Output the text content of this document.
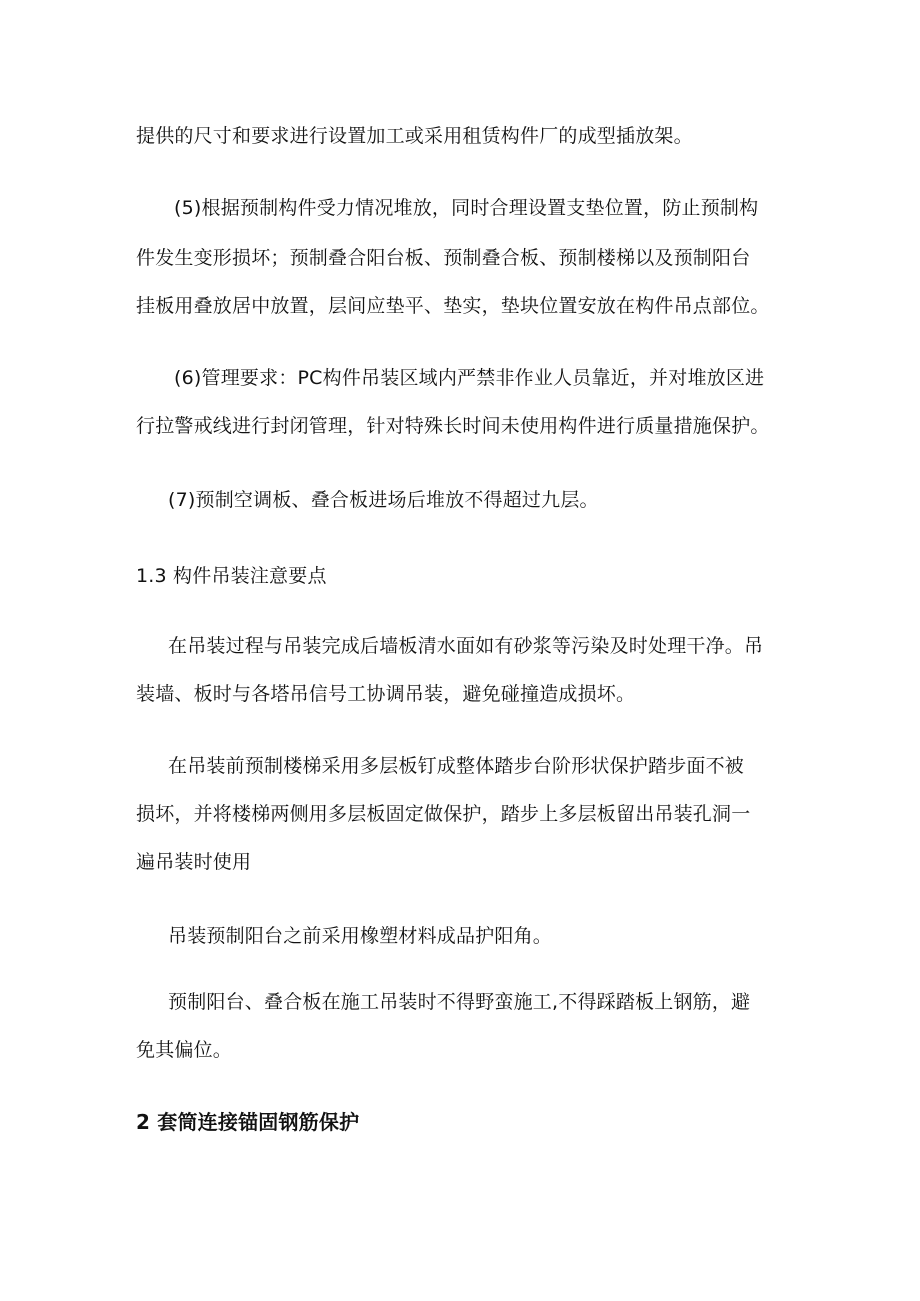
提供的尺寸和要求进行设置加工或采用租赁构件厂的成型插放架。
(5)根据预制构件受力情况堆放，同时合理设置支垫位置，防止预制构
件发生变形损坏；预制叠合阳台板、预制叠合板、预制楼梯以及预制阳台
挂板用叠放居中放置，层间应垫平、垫实，垫块位置安放在构件吊点部位。
(6)管理要求：PC构件吊装区域内严禁非作业人员靠近，并对堆放区进
行拉警戒线进行封闭管理，针对特殊长时间未使用构件进行质量措施保护。
(7)预制空调板、叠合板进场后堆放不得超过九层。
1.3 构件吊装注意要点
在吊装过程与吊装完成后墙板清水面如有砂浆等污染及时处理干净。吊
装墙、板时与各塔吊信号工协调吊装，避免碰撞造成损坏。
在吊装前预制楼梯采用多层板钉成整体踏步台阶形状保护踏步面不被
损坏，并将楼梯两侧用多层板固定做保护，踏步上多层板留出吊装孔洞一
遍吊装时使用
吊装预制阳台之前采用橡塑材料成品护阳角。
预制阳台、叠合板在施工吊装时不得野蛮施工,不得踩踏板上钢筋，避
免其偏位。
2 套筒连接锚固钢筋保护
